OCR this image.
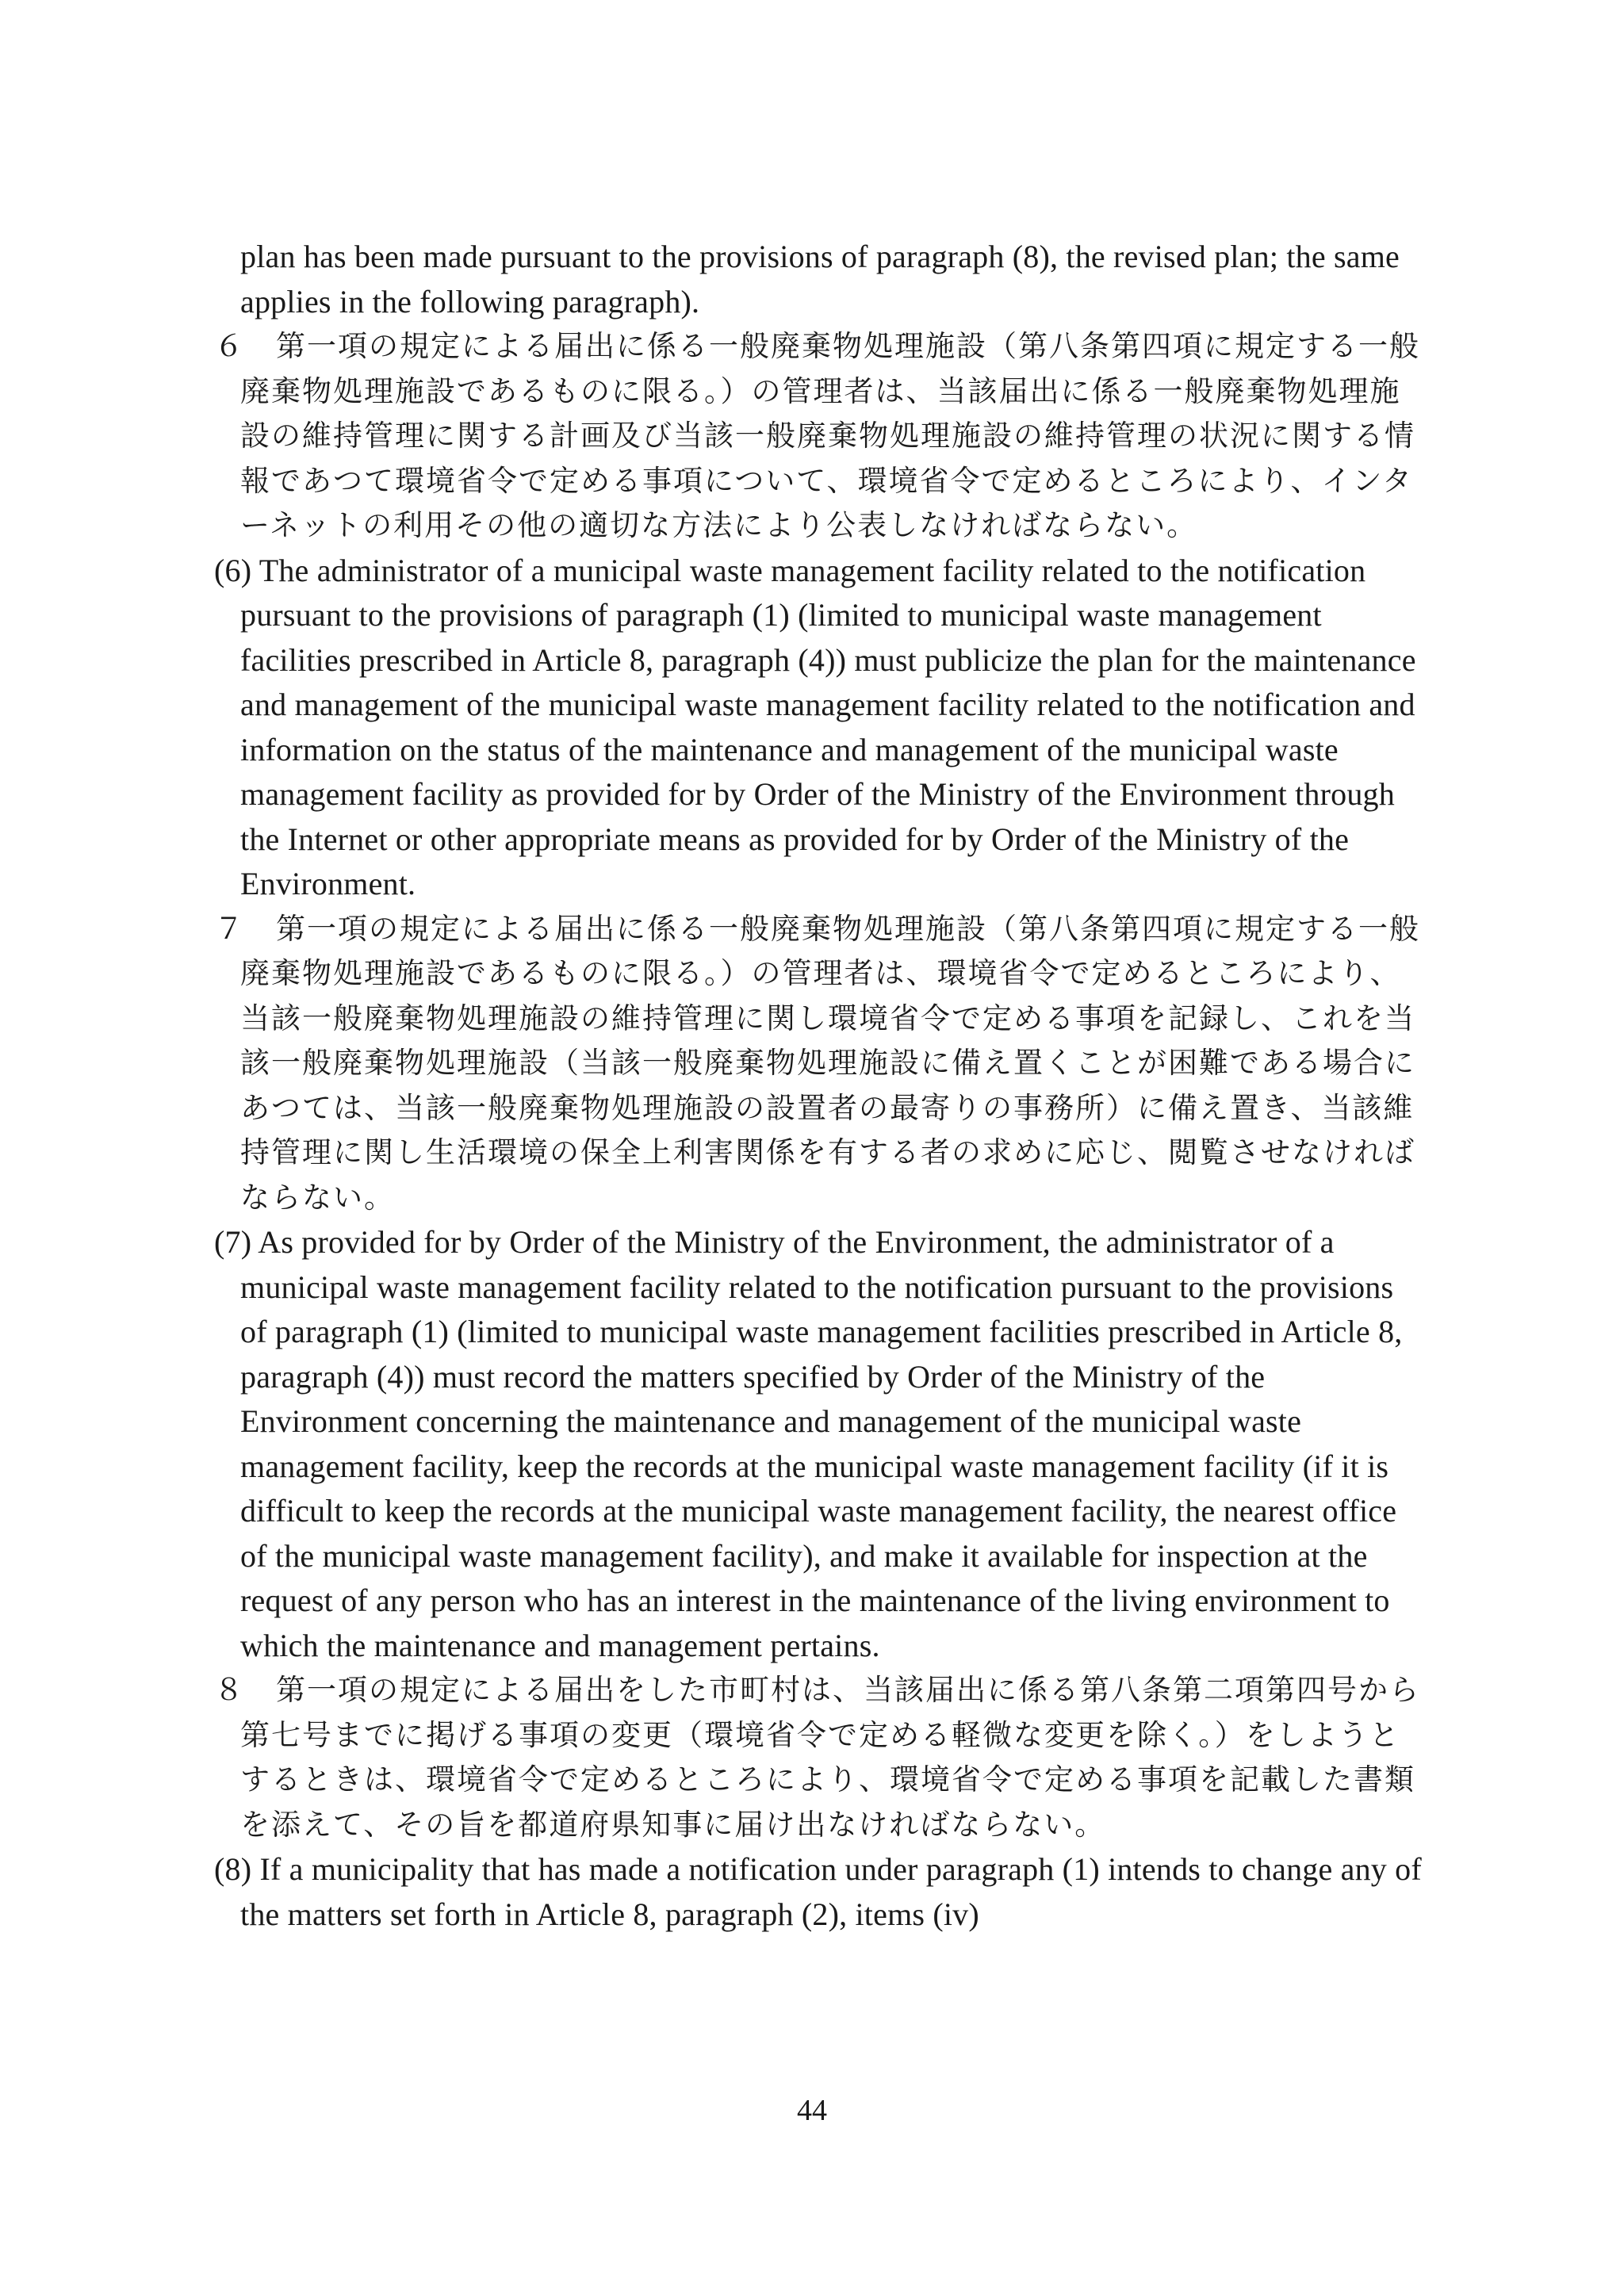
plan has been made pursuant to the provisions of paragraph (8), the revised plan; the same applies in the following paragraph).

６　第一項の規定による届出に係る一般廃棄物処理施設（第八条第四項に規定する一般廃棄物処理施設であるものに限る。）の管理者は、当該届出に係る一般廃棄物処理施設の維持管理に関する計画及び当該一般廃棄物処理施設の維持管理の状況に関する情報であつて環境省令で定める事項について、環境省令で定めるところにより、インターネットの利用その他の適切な方法により公表しなければならない。

(6) The administrator of a municipal waste management facility related to the notification pursuant to the provisions of paragraph (1) (limited to municipal waste management facilities prescribed in Article 8, paragraph (4)) must publicize the plan for the maintenance and management of the municipal waste management facility related to the notification and information on the status of the maintenance and management of the municipal waste management facility as provided for by Order of the Ministry of the Environment through the Internet or other appropriate means as provided for by Order of the Ministry of the Environment.

７　第一項の規定による届出に係る一般廃棄物処理施設（第八条第四項に規定する一般廃棄物処理施設であるものに限る。）の管理者は、環境省令で定めるところにより、当該一般廃棄物処理施設の維持管理に関し環境省令で定める事項を記録し、これを当該一般廃棄物処理施設（当該一般廃棄物処理施設に備え置くことが困難である場合にあつては、当該一般廃棄物処理施設の設置者の最寄りの事務所）に備え置き、当該維持管理に関し生活環境の保全上利害関係を有する者の求めに応じ、閲覧させなければならない。

(7) As provided for by Order of the Ministry of the Environment, the administrator of a municipal waste management facility related to the notification pursuant to the provisions of paragraph (1) (limited to municipal waste management facilities prescribed in Article 8, paragraph (4)) must record the matters specified by Order of the Ministry of the Environment concerning the maintenance and management of the municipal waste management facility, keep the records at the municipal waste management facility (if it is difficult to keep the records at the municipal waste management facility, the nearest office of the municipal waste management facility), and make it available for inspection at the request of any person who has an interest in the maintenance of the living environment to which the maintenance and management pertains.

８　第一項の規定による届出をした市町村は、当該届出に係る第八条第二項第四号から第七号までに掲げる事項の変更（環境省令で定める軽微な変更を除く。）をしようとするときは、環境省令で定めるところにより、環境省令で定める事項を記載した書類を添えて、その旨を都道府県知事に届け出なければならない。

(8) If a municipality that has made a notification under paragraph (1) intends to change any of the matters set forth in Article 8, paragraph (2), items (iv)

44
